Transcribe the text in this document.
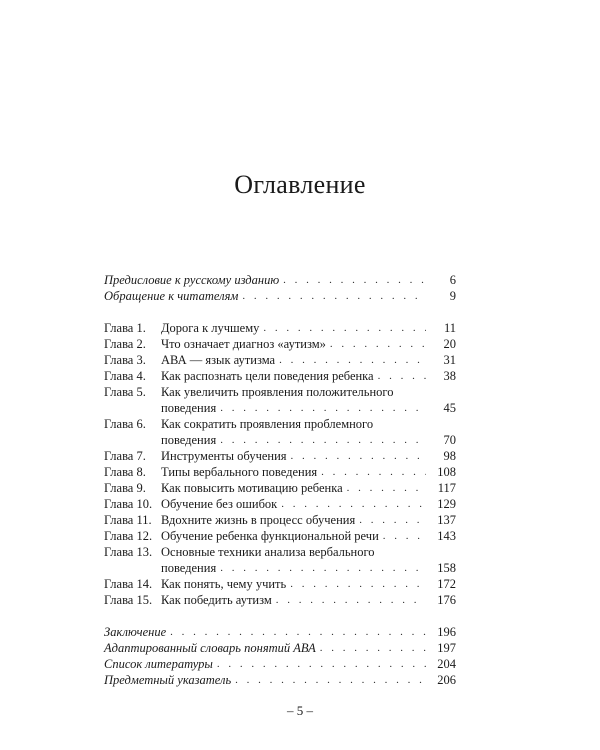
Оглавление
Предисловие к русскому изданию . . .	6
Обращение к читателям . . .	9
Глава 1.	Дорога к лучшему . . .	11
Глава 2.	Что означает диагноз «аутизм» . . .	20
Глава 3.	АВА — язык аутизма . . .	31
Глава 4.	Как распознать цели поведения ребенка . . .	38
Глава 5.	Как увеличить проявления положительного
поведения . . .	45
Глава 6.	Как сократить проявления проблемного
поведения . . .	70
Глава 7.	Инструменты обучения . . .	98
Глава 8.	Типы вербального поведения . . .	108
Глава 9.	Как повысить мотивацию ребенка . . .	117
Глава 10. Обучение без ошибок . . .	129
Глава 11. Вдохните жизнь в процесс обучения . . .	137
Глава 12. Обучение ребенка функциональной речи . . .	143
Глава 13. Основные техники анализа вербального
поведения . . .	158
Глава 14. Как понять, чему учить . . .	172
Глава 15. Как победить аутизм . . .	176
Заключение . . .	196
Адаптированный словарь понятий АВА . . .	197
Список литературы . . .	204
Предметный указатель . . .	206
– 5 –
